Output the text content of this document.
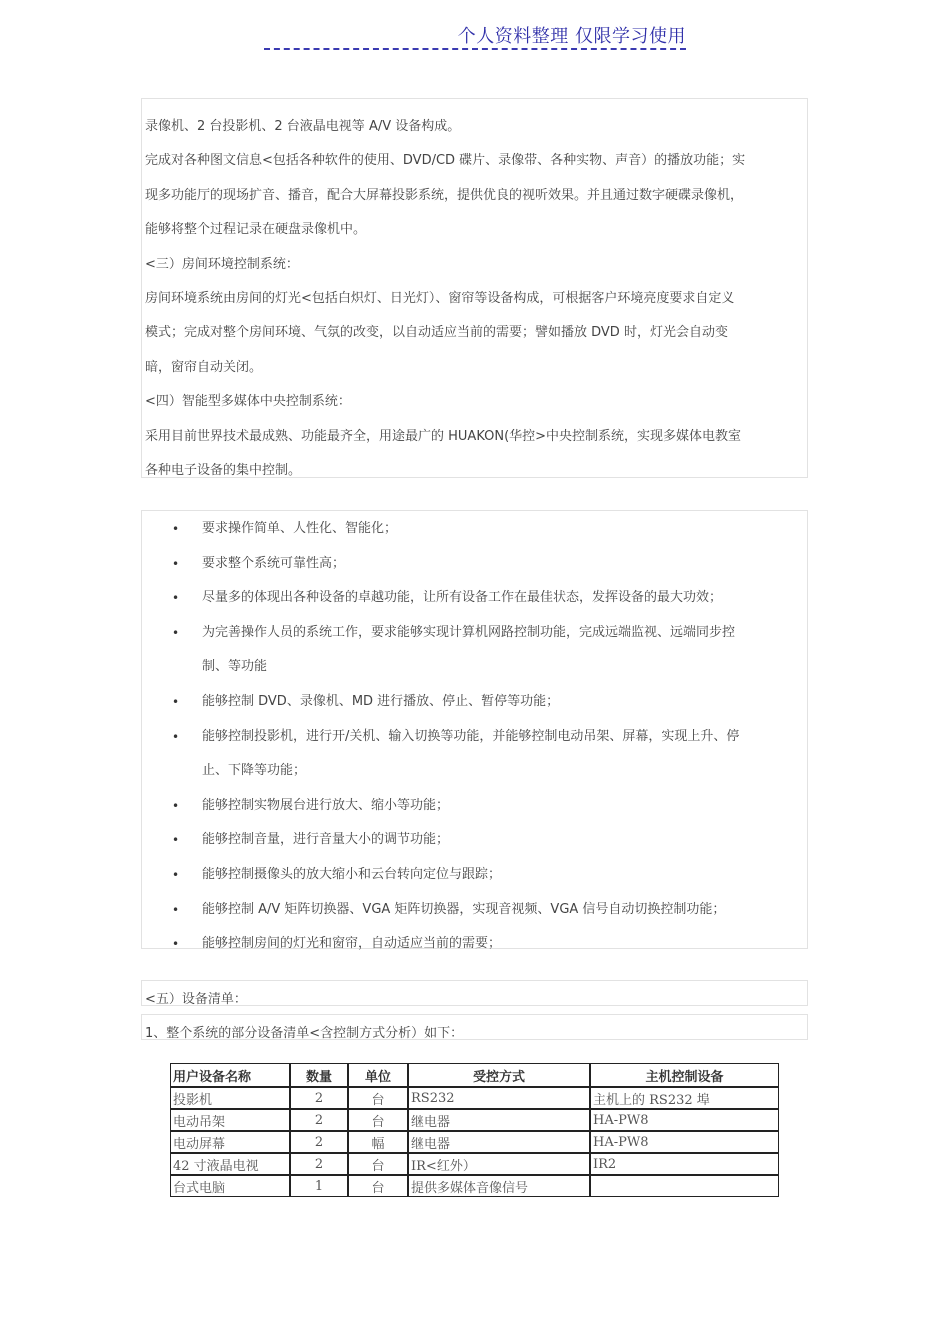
个人资料整理 仅限学习使用
录像机、2 台投影机、2 台液晶电视等 A/V 设备构成。
完成对各种图文信息<包括各种软件的使用、DVD/CD 碟片、录像带、各种实物、声音）的播放功能；实
现多功能厅的现场扩音、播音，配合大屏幕投影系统，提供优良的视听效果。并且通过数字硬碟录像机，
能够将整个过程记录在硬盘录像机中。
<三）房间环境控制系统：
房间环境系统由房间的灯光<包括白炽灯、日光灯）、窗帘等设备构成，可根据客户环境亮度要求自定义
模式；完成对整个房间环境、气氛的改变，以自动适应当前的需要；譬如播放 DVD 时，灯光会自动变
暗，窗帘自动关闭。
<四）智能型多媒体中央控制系统：
采用目前世界技术最成熟、功能最齐全，用途最广的 HUAKON(华控>中央控制系统，实现多媒体电教室
各种电子设备的集中控制。
• 要求操作简单、人性化、智能化；
• 要求整个系统可靠性高；
• 尽量多的体现出各种设备的卓越功能，让所有设备工作在最佳状态，发挥设备的最大功效；
• 为完善操作人员的系统工作，要求能够实现计算机网路控制功能，完成远端监视、远端同步控
制、等功能
• 能够控制 DVD、录像机、MD 进行播放、停止、暂停等功能；
• 能够控制投影机，进行开/关机、输入切换等功能，并能够控制电动吊架、屏幕，实现上升、停
止、下降等功能；
• 能够控制实物展台进行放大、缩小等功能；
• 能够控制音量，进行音量大小的调节功能；
• 能够控制摄像头的放大缩小和云台转向定位与跟踪；
• 能够控制 A/V 矩阵切换器、VGA 矩阵切换器，实现音视频、VGA 信号自动切换控制功能；
• 能够控制房间的灯光和窗帘，自动适应当前的需要；
<五）设备清单：
1、整个系统的部分设备清单<含控制方式分析）如下：
用户设备名称	数量	单位	受控方式	主机控制设备
投影机	2	台	RS232	主机上的 RS232 埠
电动吊架	2	台	继电器	HA-PW8
电动屏幕	2	幅	继电器	HA-PW8
42 寸液晶电视	2	台	IR<红外）	IR2
台式电脑	1	台	提供多媒体音像信号	
